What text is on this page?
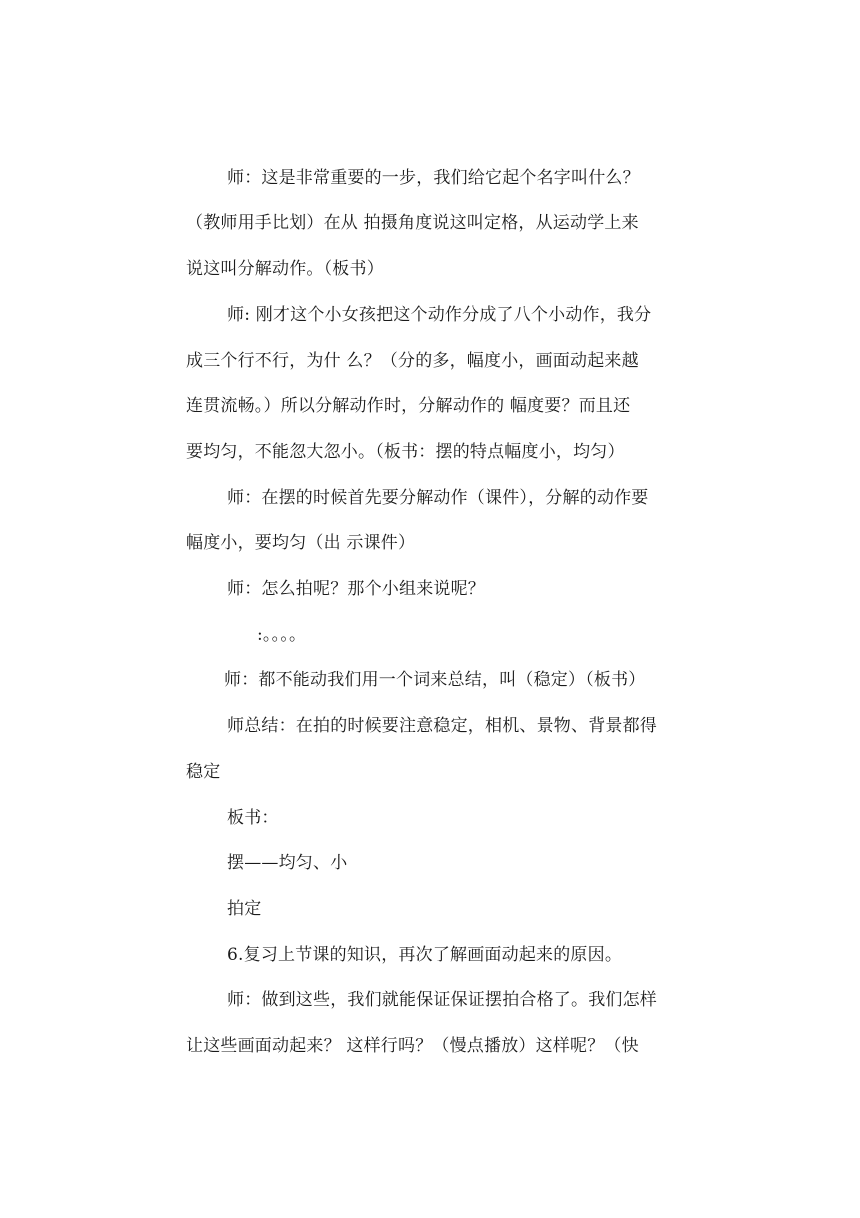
师：这是非常重要的一步，我们给它起个名字叫什么？
（教师用手比划）在从 拍摄角度说这叫定格，从运动学上来
说这叫分解动作。（板书）
师: 刚才这个小女孩把这个动作分成了八个小动作，我分
成三个行不行，为什 么？（分的多，幅度小，画面动起来越
连贯流畅。）所以分解动作时，分解动作的 幅度要？而且还
要均匀，不能忽大忽小。（板书：摆的特点幅度小，均匀）
师：在摆的时候首先要分解动作（课件），分解的动作要
幅度小，要均匀（出 示课件）
师：怎么拍呢？那个小组来说呢？
:。。。。
师：都不能动我们用一个词来总结，叫（稳定）（板书）
师总结：在拍的时候要注意稳定，相机、景物、背景都得
稳定
板书：
摆——均匀、小
拍定
6.复习上节课的知识，再次了解画面动起来的原因。
师：做到这些，我们就能保证保证摆拍合格了。我们怎样
让这些画面动起来？ 这样行吗？（慢点播放）这样呢？（快
